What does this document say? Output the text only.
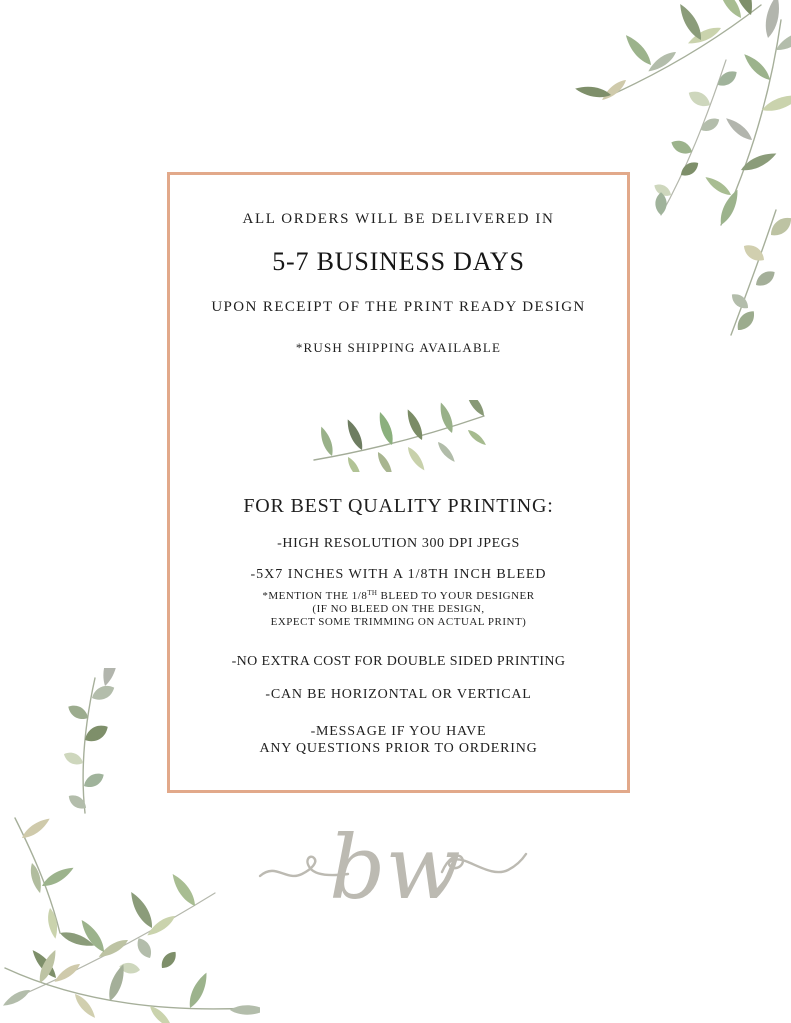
ALL ORDERS WILL BE DELIVERED IN
5-7 BUSINESS DAYS
UPON RECEIPT OF THE PRINT READY DESIGN
*RUSH SHIPPING AVAILABLE
FOR BEST QUALITY PRINTING:
-HIGH RESOLUTION 300 DPI JPEGS
-5X7 INCHES WITH A 1/8TH INCH BLEED
*MENTION THE 1/8TH BLEED TO YOUR DESIGNER
(IF NO BLEED ON THE DESIGN,
EXPECT SOME TRIMMING ON ACTUAL PRINT)
-NO EXTRA COST FOR DOUBLE SIDED PRINTING
-CAN BE HORIZONTAL OR VERTICAL
-MESSAGE IF YOU HAVE
ANY QUESTIONS PRIOR TO ORDERING
bw
